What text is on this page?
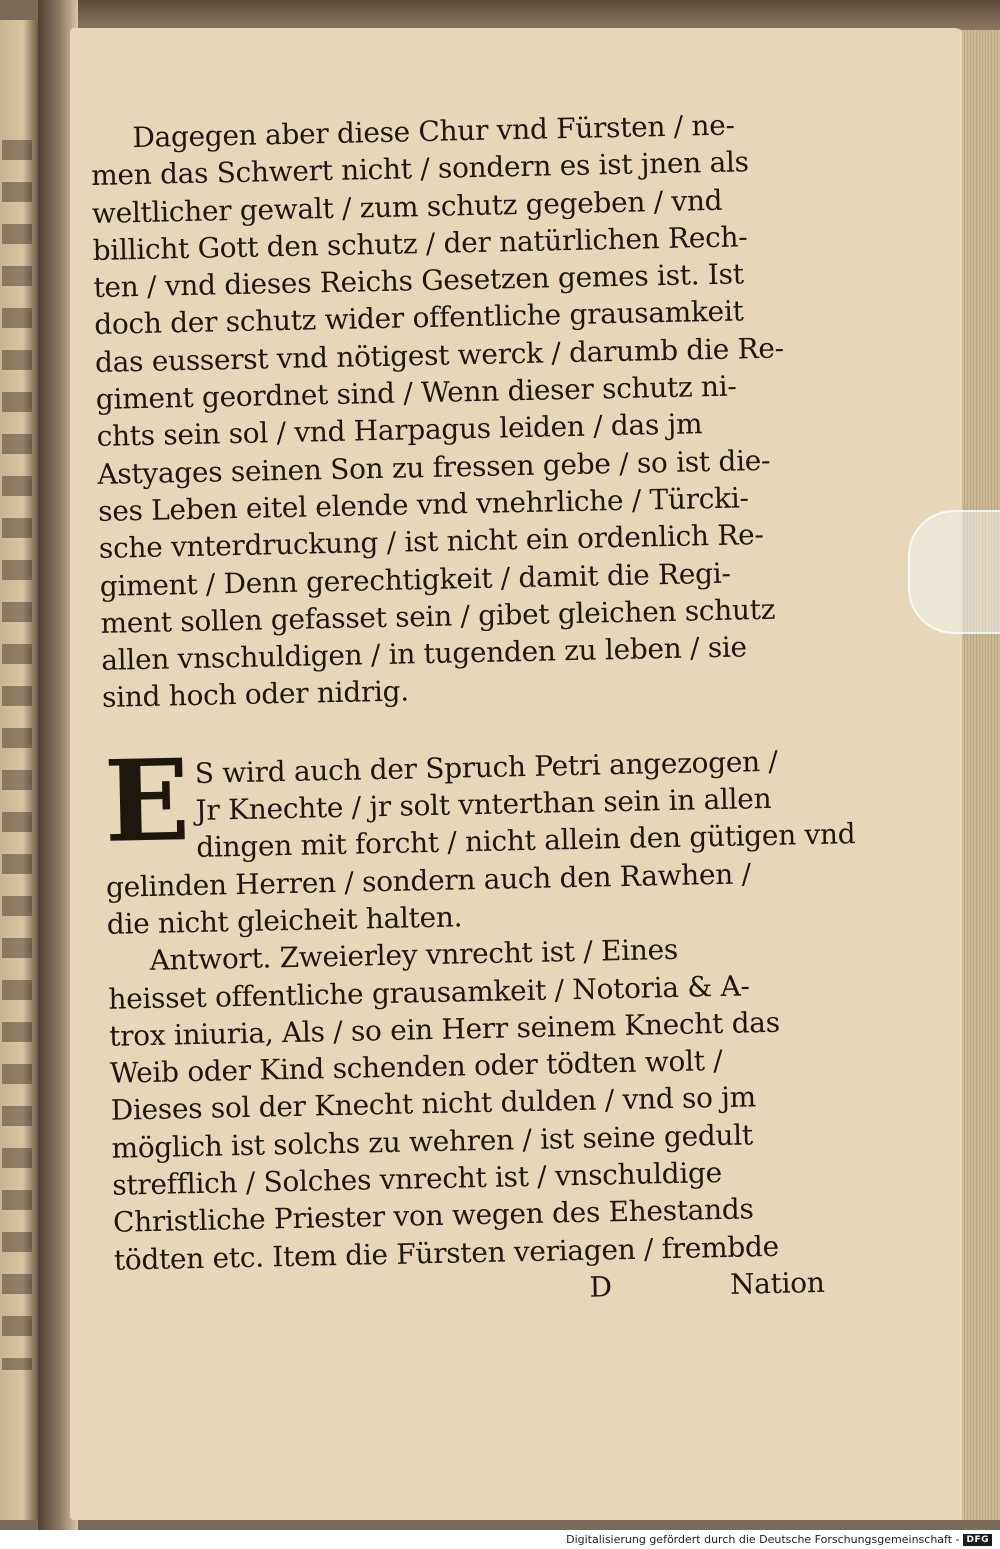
Dagegen aber diese Chur vnd Fürsten / ne-
men das Schwert nicht / sondern es ist jnen als
weltlicher gewalt / zum schutz gegeben / vnd
billicht Gott den schutz / der natürlichen Rech-
ten / vnd dieses Reichs Gesetzen gemes ist. Ist
doch der schutz wider offentliche grausamkeit
das eusserst vnd nötigest werck / darumb die Re-
giment geordnet sind / Wenn dieser schutz ni-
chts sein sol / vnd Harpagus leiden / das jm
Astyages seinen Son zu fressen gebe / so ist die-
ses Leben eitel elende vnd vnehrliche / Türcki-
sche vnterdruckung / ist nicht ein ordenlich Re-
giment / Denn gerechtigkeit / damit die Regi-
ment sollen gefasset sein / gibet gleichen schutz
allen vnschuldigen / in tugenden zu leben / sie
sind hoch oder nidrig.
E S wird auch der Spruch Petri angezogen /
Jr Knechte / jr solt vnterthan sein in allen
dingen mit forcht / nicht allein den gütigen vnd
gelinden Herren / sondern auch den Rawhen /
die nicht gleicheit halten.
Antwort. Zweierley vnrecht ist / Eines
heisset offentliche grausamkeit / Notoria & A-
trox iniuria, Als / so ein Herr seinem Knecht das
Weib oder Kind schenden oder tödten wolt /
Dieses sol der Knecht nicht dulden / vnd so jm
möglich ist solchs zu wehren / ist seine gedult
strefflich / Solches vnrecht ist / vnschuldige
Christliche Priester von wegen des Ehestands
tödten etc. Item die Fürsten veriagen / frembde
D	Nation
Digitalisierung gefördert durch die Deutsche Forschungsgemeinschaft - DFG
